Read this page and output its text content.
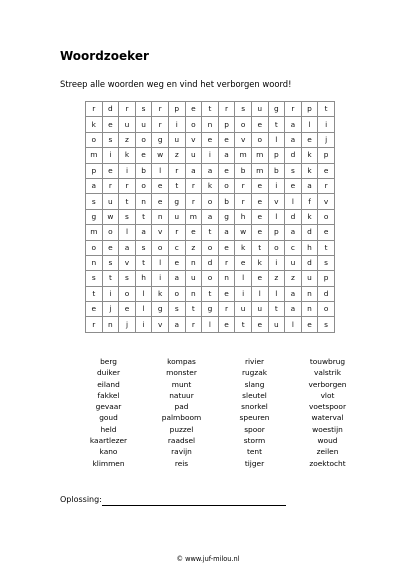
Woordzoeker

Streep alle woorden weg en vind het verborgen woord!

r	d	r	s	r	p	e	t	r	s	u	g	r	p	t
k	e	u	u	r	i	o	n	p	o	e	t	a	l	i
o	s	z	o	g	u	v	e	e	v	o	l	a	e	j
m	i	k	e	w	z	u	i	a	m	m	p	d	k	p
p	e	i	b	l	r	a	a	e	b	m	b	s	k	e
a	r	r	o	e	t	r	k	o	r	e	i	e	a	r
s	u	t	n	e	g	r	o	b	r	e	v	l	f	v
g	w	s	t	n	u	m	a	g	h	e	l	d	k	o
m	o	l	a	v	r	e	t	a	w	e	p	a	d	e
o	e	a	s	o	c	z	o	e	k	t	o	c	h	t
n	s	v	t	l	e	n	d	r	e	k	i	u	d	s
s	t	s	h	i	a	u	o	n	l	e	z	z	u	p
t	i	o	l	k	o	n	t	e	i	l	l	a	n	d
e	j	e	l	g	s	t	g	r	u	u	t	a	n	o
r	n	j	i	v	a	r	l	e	t	e	u	l	e	s
berg	kompas	rivier	touwbrug
duiker	monster	rugzak	valstrik
eiland	munt	slang	verborgen
fakkel	natuur	sleutel	vlot
gevaar	pad	snorkel	voetspoor
goud	palmboom	speuren	waterval
held	puzzel	spoor	woestijn
kaartlezer	raadsel	storm	woud
kano	ravijn	tent	zeilen
klimmen	reis	tijger	zoektocht
Oplossing:
© www.juf-milou.nl
